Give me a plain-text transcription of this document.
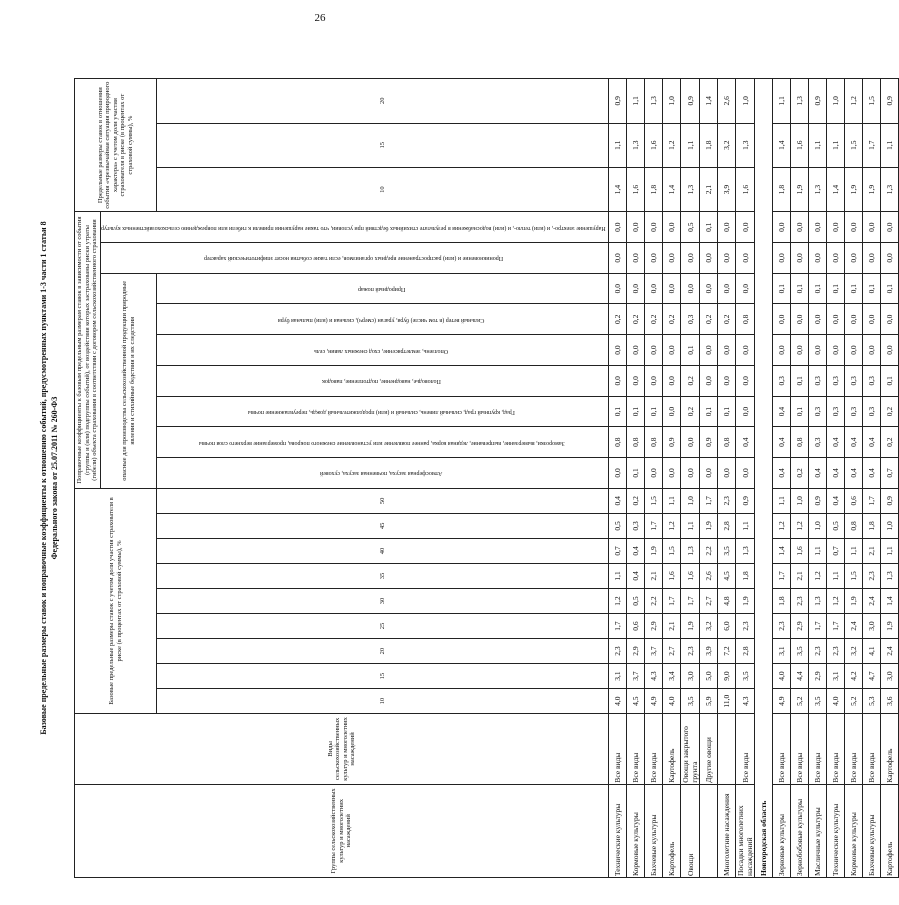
26
Базовые предельные размеры ставок и поправочные коэффициенты к отношению событий, предусмотренных пунктами 1-3 части 1 статьи 8 Федерального закона от 25.07.2011 № 260-ФЗ
Группы сельскохозяйственных культур и многолетних насаждений	Виды сельскохозяйственных культур и многолетних насаждений	Базовые предельные размеры ставок с учетом доли участия страхователя в риске (в процентах от страховой суммы), %									Поправочные коэффициенты к базовым предельным размерам ставок в зависимости от события (группы и (или) подгруппы событий), от воздействия которых застрахованы риски утраты (гибели) объекта страхования в соответствии с договором сельскохозяйственного страхования									Предельные размеры ставок в отношении события «чрезвычайная ситуация природного характера» с учетом доли участия страхователя в риске (в процентах от страховой суммы), %		
											опасные для производства сельскохозяйственной продукции природные явления и стихийные бедствия и их следствия							Проникновение и (или) распространение вредных организмов, если такие события носят эпифитотический характер	Нарушение электро-, и (или) тепло-, и (или) водоснабжения в результате стихийных бедствий при условии, что такие нарушения привели к гибели или повреждению сельскохозяйственных культур			
		10	15	20	25	30	35	40	45	50	Атмосферная засуха, почвенная засуха, суховей	Заморозки, вымерзание, выпревание, ледяная корка, раннее появление или установление снежного покрова, промерзание верхнего слоя почвы	Град, крупный град, сильный ливень, сильный и (или) продолжительный дождь, переувлажнение почвы	Половодье, наводнение, подтопление, паводок	Оползень, землетрясение, сход снежных лавин, сель	Сильный ветер (в том числе) буря, ураган (смерч), сильная и (или) пыльная буря	Природный пожар			10	15	20
Технические культуры	Все виды	4,0	3,1	2,3	1,7	1,2	1,1	0,7	0,5	0,4	0,0	0,8	0,1	0,0	0,0	0,2	0,0	0,0	0,0	1,4	1,1	0,9
Кормовые культуры	Все виды	4,5	3,7	2,9	0,6	0,5	0,4	0,4	0,3	0,2	0,1	0,8	0,1	0,0	0,0	0,2	0,0	0,0	0,0	1,6	1,3	1,1
Бахчевые культуры	Все виды	4,9	4,3	3,7	2,9	2,2	2,1	1,9	1,7	1,5	0,0	0,8	0,1	0,0	0,0	0,2	0,0	0,0	0,0	1,8	1,6	1,3
Картофель	Картофель	4,0	3,4	2,7	2,1	1,7	1,6	1,5	1,2	1,1	0,0	0,9	0,0	0,0	0,0	0,2	0,0	0,0	0,0	1,4	1,2	1,0
Овощи	Овощи закрытого грунта	3,5	3,0	2,3	1,9	1,7	1,6	1,3	1,1	1,0	0,0	0,0	0,2	0,2	0,1	0,3	0,0	0,0	0,5	1,3	1,1	0,9
	Другие овощи	5,9	5,0	3,9	3,2	2,7	2,6	2,2	1,9	1,7	0,0	0,9	0,1	0,0	0,0	0,2	0,0	0,0	0,1	2,1	1,8	1,4
Многолетние насаждения		11,0	9,0	7,2	6,0	4,8	4,5	3,5	2,8	2,3	0,0	0,8	0,1	0,0	0,0	0,2	0,0	0,0	0,0	3,9	3,2	2,6
Посадки многолетних насаждений	Все виды	4,3	3,5	2,8	2,3	1,9	1,8	1,3	1,1	0,9	0,0	0,4	0,0	0,0	0,0	0,8	0,0	0,0	0,0	1,6	1,3	1,0
Новгородская область																						
Зерновые культуры	Все виды	4,9	4,0	3,1	2,3	1,8	1,7	1,4	1,2	1,1	0,4	0,4	0,4	0,3	0,0	0,0	0,1	0,0	0,0	1,8	1,4	1,1
Зернобобовые культуры	Все виды	5,2	4,4	3,5	2,9	2,3	2,1	1,6	1,2	1,0	0,2	0,8	0,1	0,1	0,0	0,0	0,1	0,0	0,0	1,9	1,6	1,3
Масличные культуры	Все виды	3,5	2,9	2,3	1,7	1,3	1,2	1,1	1,0	0,9	0,4	0,3	0,3	0,3	0,0	0,0	0,1	0,0	0,0	1,3	1,1	0,9
Технические культуры	Все виды	4,0	3,1	2,3	1,7	1,2	1,1	0,7	0,5	0,4	0,4	0,4	0,3	0,3	0,0	0,0	0,1	0,0	0,0	1,4	1,1	1,0
Кормовые культуры	Все виды	5,2	4,2	3,2	2,4	1,9	1,5	1,1	0,8	0,6	0,4	0,4	0,3	0,3	0,0	0,0	0,1	0,0	0,0	1,9	1,5	1,2
Бахчевые культуры	Все виды	5,3	4,7	4,1	3,0	2,4	2,3	2,1	1,8	1,7	0,4	0,4	0,3	0,3	0,0	0,0	0,1	0,0	0,0	1,9	1,7	1,5
Картофель	Картофель	3,6	3,0	2,4	1,9	1,4	1,3	1,1	1,0	0,9	0,7	0,2	0,2	0,1	0,0	0,0	0,1	0,0	0,0	1,3	1,1	0,9
